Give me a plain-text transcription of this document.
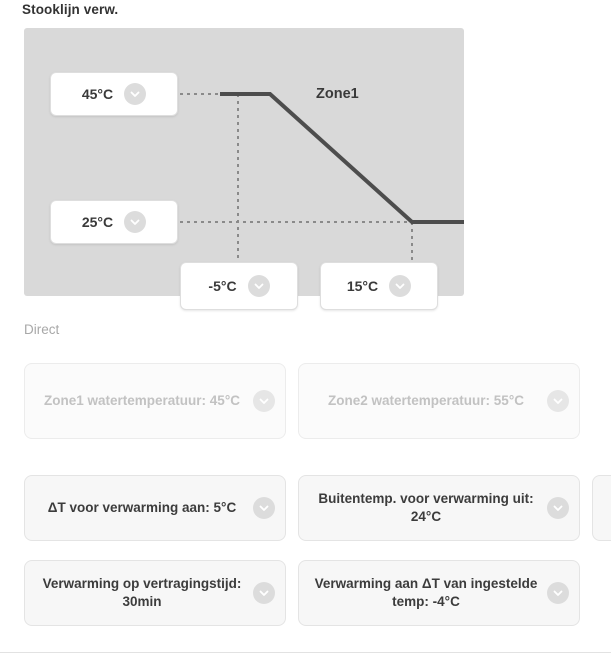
Stooklijn verw.
Zone1
45°C
25°C
-5°C	15°C
Direct
Zone1 watertemperatuur: 45°C	Zone2 watertemperatuur: 55°C
ΔT voor verwarming aan: 5°C
Buitentemp. voor verwarming uit: 24°C
Verwarming op vertragingstijd: 30min
Verwarming aan ΔT van ingestelde temp: -4°C
